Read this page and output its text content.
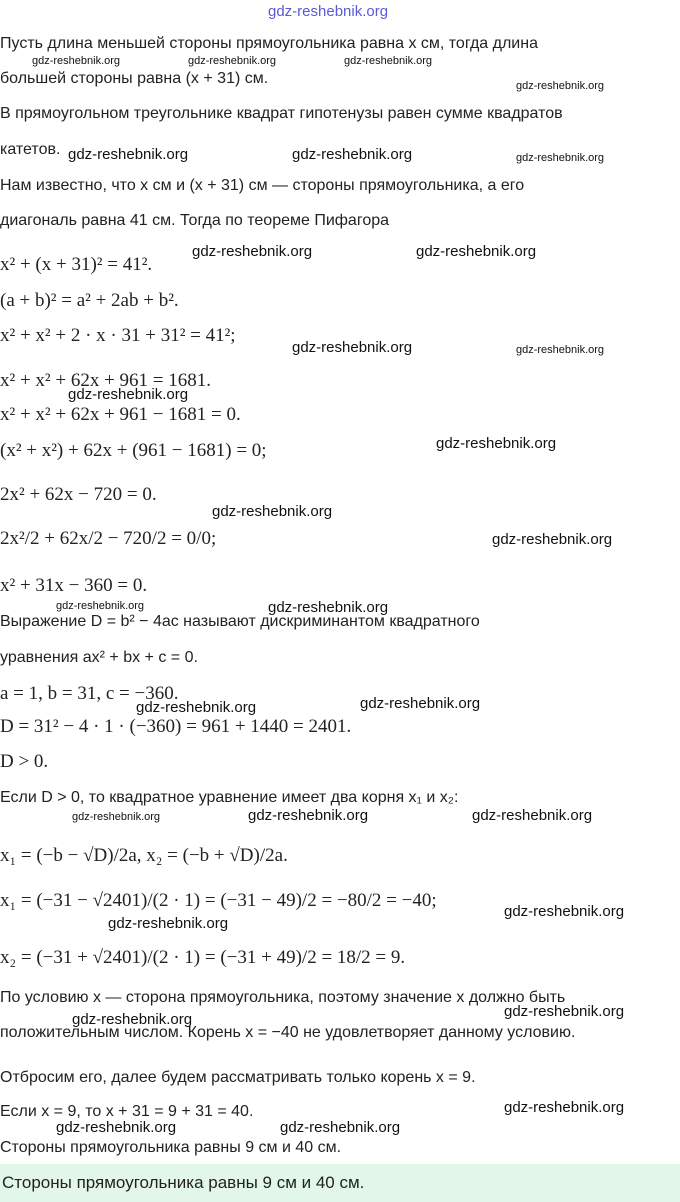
gdz-reshebnik.org
Пусть длина меньшей стороны прямоугольника равна x см, тогда длина
большей стороны равна (x + 31) см.
В прямоугольном треугольнике квадрат гипотенузы равен сумме квадратов
катетов.
Нам известно, что x см и (x + 31) см — стороны прямоугольника, а его
диагональ равна 41 см. Тогда по теореме Пифагора
x² + (x + 31)² = 41².
(a + b)² = a² + 2ab + b².
x² + x² + 2 · x · 31 + 31² = 41²;
x² + x² + 62x + 961 = 1681.
x² + x² + 62x + 961 − 1681 = 0.
(x² + x²) + 62x + (961 − 1681) = 0;
2x² + 62x − 720 = 0.
2x²/2 + 62x/2 − 720/2 = 0/0;
x² + 31x − 360 = 0.
Выражение D = b² − 4ac называют дискриминантом квадратного
уравнения ax² + bx + c = 0.
a = 1, b = 31, c = −360.
D = 31² − 4 · 1 · (−360) = 961 + 1440 = 2401.
D > 0.
Если D > 0, то квадратное уравнение имеет два корня x₁ и x₂:
x₁ = (−b − √D)/2a, x₂ = (−b + √D)/2a.
x₁ = (−31 − √2401)/(2 · 1) = (−31 − 49)/2 = −80/2 = −40;
x₂ = (−31 + √2401)/(2 · 1) = (−31 + 49)/2 = 18/2 = 9.
По условию x — сторона прямоугольника, поэтому значение x должно быть
положительным числом. Корень x = −40 не удовлетворяет данному условию.
Отбросим его, далее будем рассматривать только корень x = 9.
Если x = 9, то x + 31 = 9 + 31 = 40.
Стороны прямоугольника равны 9 см и 40 см.
Стороны прямоугольника равны 9 см и 40 см.
gdz-reshebnik.org	gdz-reshebnik.org	gdz-reshebnik.org
gdz-reshebnik.org
gdz-reshebnik.org	gdz-reshebnik.org	gdz-reshebnik.org
gdz-reshebnik.org	gdz-reshebnik.org
gdz-reshebnik.org	gdz-reshebnik.org
gdz-reshebnik.org
gdz-reshebnik.org
gdz-reshebnik.org
gdz-reshebnik.org
gdz-reshebnik.org	gdz-reshebnik.org
gdz-reshebnik.org
gdz-reshebnik.org
gdz-reshebnik.org	gdz-reshebnik.org	gdz-reshebnik.org
gdz-reshebnik.org
gdz-reshebnik.org
gdz-reshebnik.org
gdz-reshebnik.org
gdz-reshebnik.org
gdz-reshebnik.org	gdz-reshebnik.org
